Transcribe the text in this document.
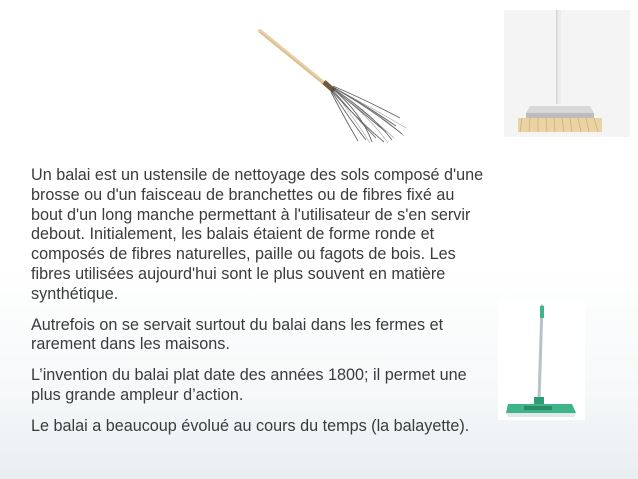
Un balai est un ustensile de nettoyage des sols composé d'une
brosse ou d'un faisceau de branchettes ou de fibres fixé au
bout d'un long manche permettant à l'utilisateur de s'en servir
debout. Initialement, les balais étaient de forme ronde et
composés de fibres naturelles, paille ou fagots de bois. Les
fibres utilisées aujourd'hui sont le plus souvent en matière
synthétique.

Autrefois on se servait surtout du balai dans les fermes et
rarement dans les maisons.

L’invention du balai plat date des années 1800; il permet une
plus grande ampleur d’action.

Le balai a beaucoup évolué au cours du temps (la balayette).
